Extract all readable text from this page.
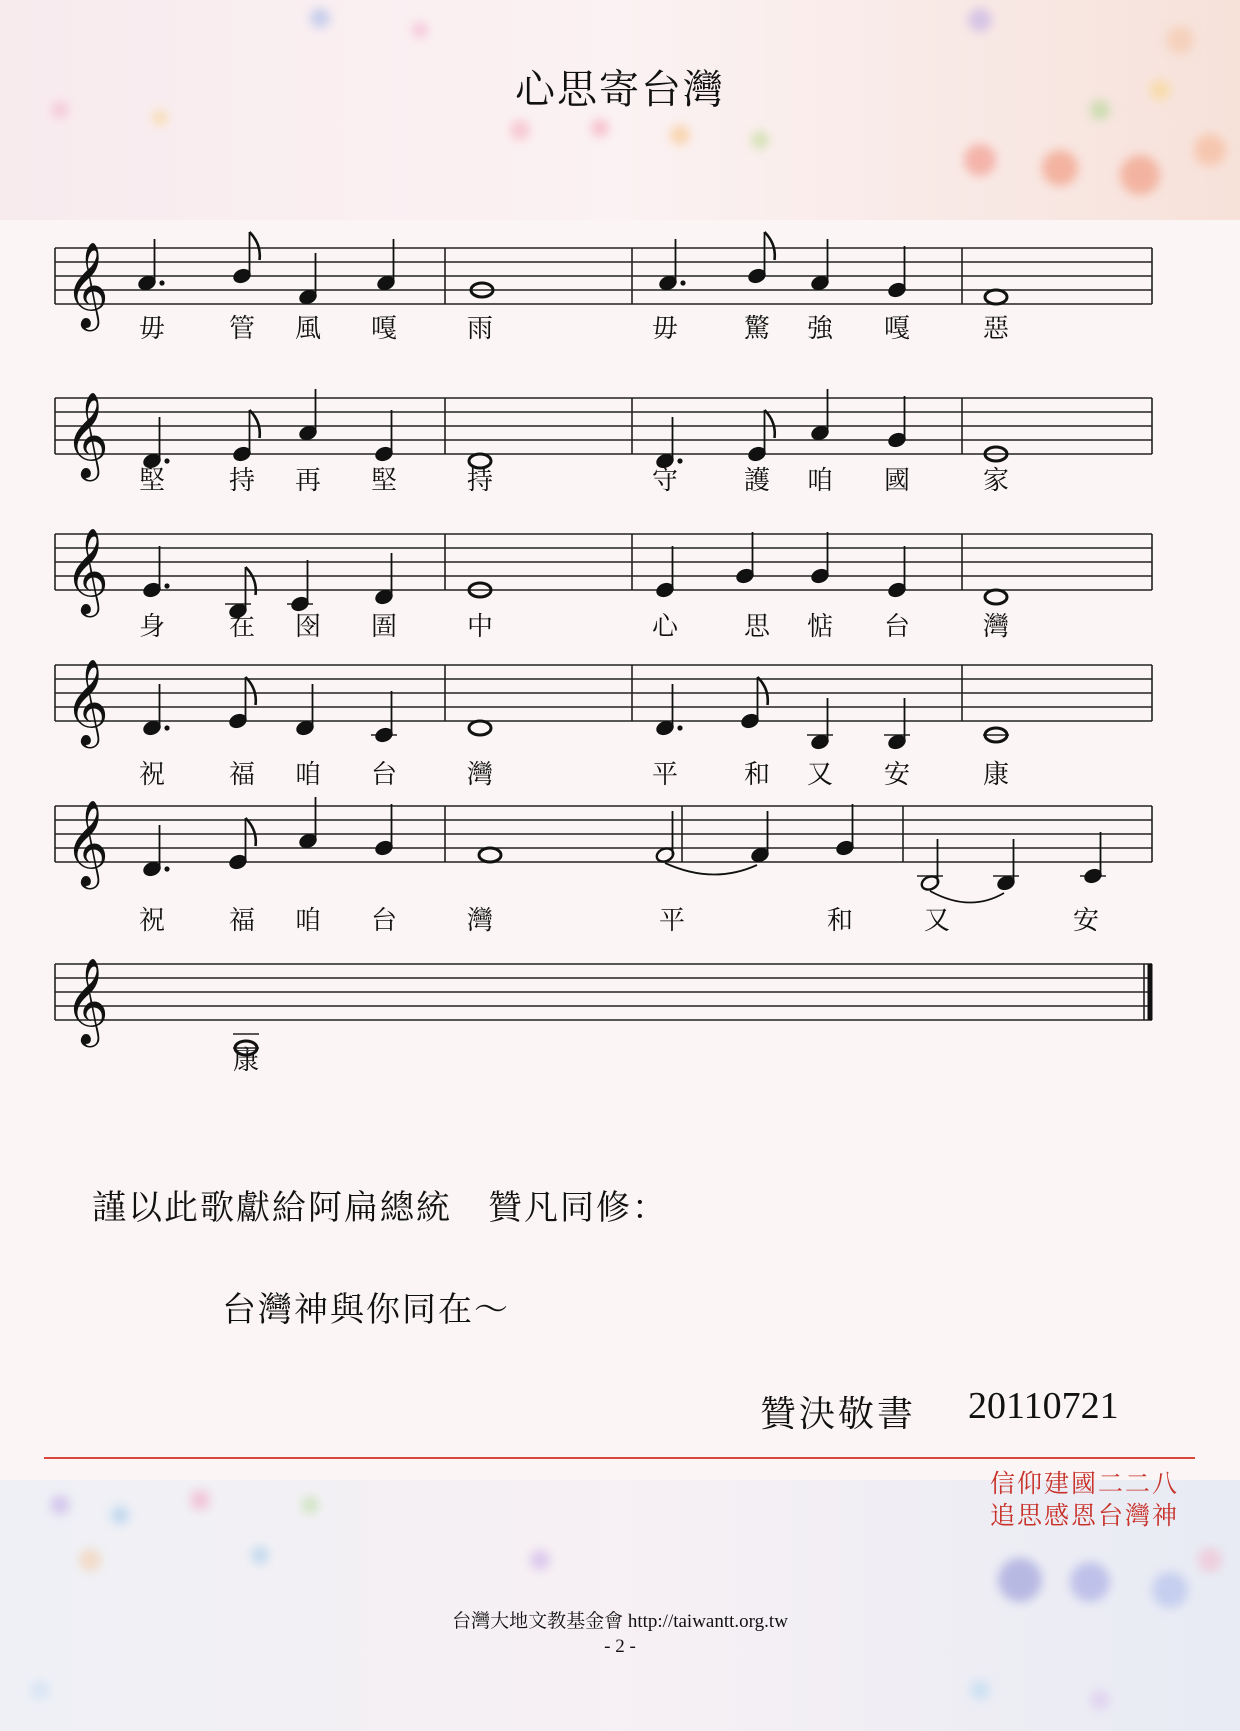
心思寄台灣
𝄞
毋 管 風 嘎	雨	毋	驚 強 嘎	惡
𝄞
堅 持 再 堅	持	守	護 咱 國	家
𝄞
身 在 囹 圄	中	心	思 惦 台	灣
𝄞
祝 福 咱 台	灣	平	和 又 安	康
𝄞
祝 福 咱 台	灣	平	和	又	安
𝄞
康
謹以此歌獻給阿扁總統　贊凡同修：
台灣神與你同在～
贊決敬書 20110721
信仰建國二二八
追思感恩台灣神
台灣大地文教基金會 http://taiwantt.org.tw
- 2 -
